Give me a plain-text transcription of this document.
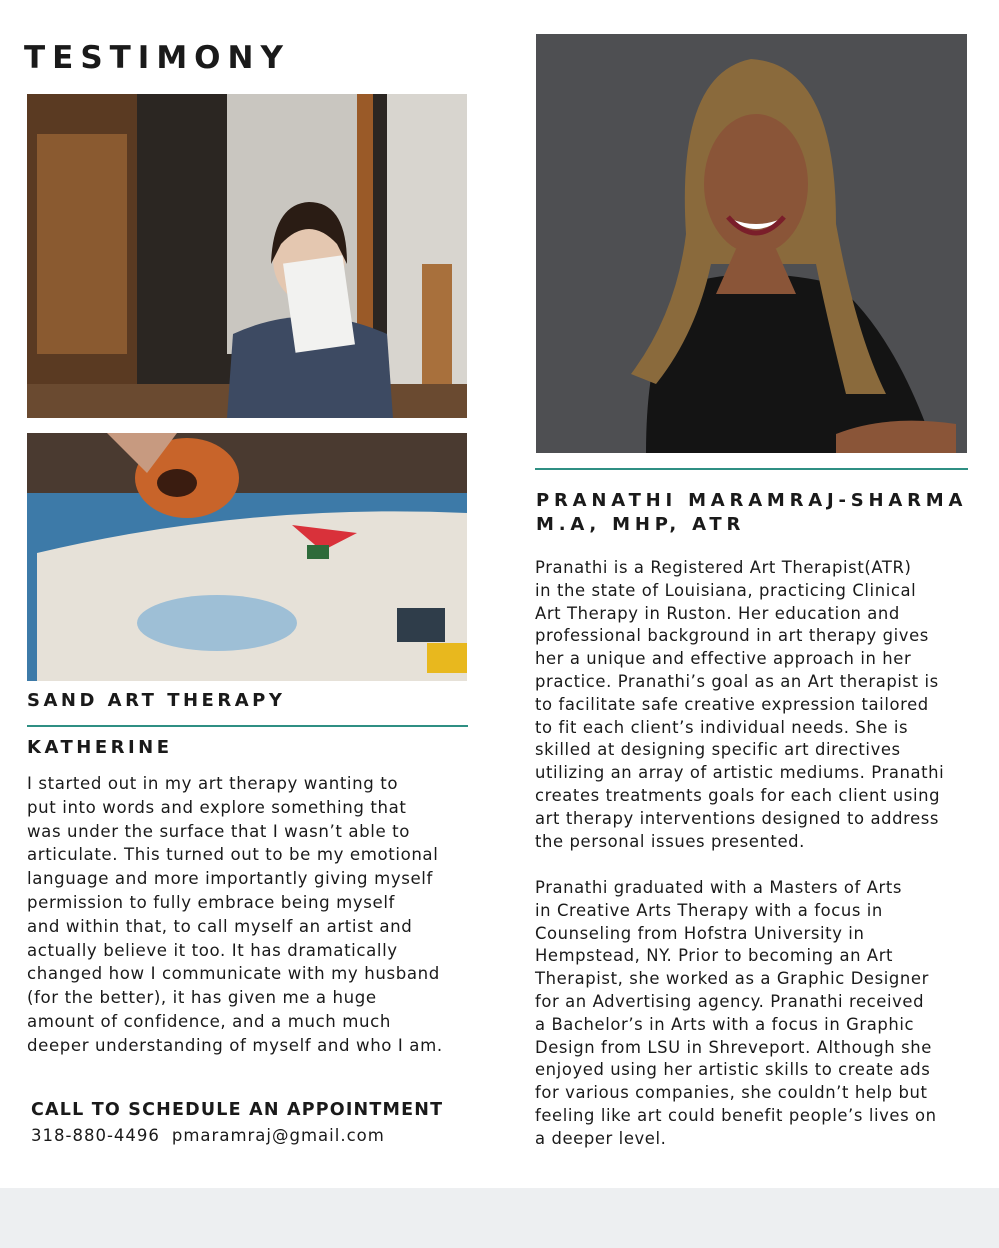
TESTIMONY
SAND ART THERAPY
KATHERINE

I started out in my art therapy wanting to
put into words and explore something that
was under the surface that I wasn’t able to
articulate. This turned out to be my emotional
language and more importantly giving myself
permission to fully embrace being myself
and within that, to call myself an artist and
actually believe it too. It has dramatically
changed how I communicate with my husband
(for the better), it has given me a huge
amount of confidence, and a much much
deeper understanding of myself and who I am.

CALL TO SCHEDULE AN APPOINTMENT

318-880-4496 pmaramraj@gmail.com

PRANATHI MARAMRAJ-SHARMA
M.A, MHP, ATR

Pranathi is a Registered Art Therapist(ATR)
in the state of Louisiana, practicing Clinical
Art Therapy in Ruston. Her education and
professional background in art therapy gives
her a unique and effective approach in her
practice. Pranathi’s goal as an Art therapist is
to facilitate safe creative expression tailored
to fit each client’s individual needs. She is
skilled at designing specific art directives
utilizing an array of artistic mediums. Pranathi
creates treatments goals for each client using
art therapy interventions designed to address
the personal issues presented.

Pranathi graduated with a Masters of Arts
in Creative Arts Therapy with a focus in
Counseling from Hofstra University in
Hempstead, NY. Prior to becoming an Art
Therapist, she worked as a Graphic Designer
for an Advertising agency. Pranathi received
a Bachelor’s in Arts with a focus in Graphic
Design from LSU in Shreveport. Although she
enjoyed using her artistic skills to create ads
for various companies, she couldn’t help but
feeling like art could benefit people’s lives on
a deeper level.
